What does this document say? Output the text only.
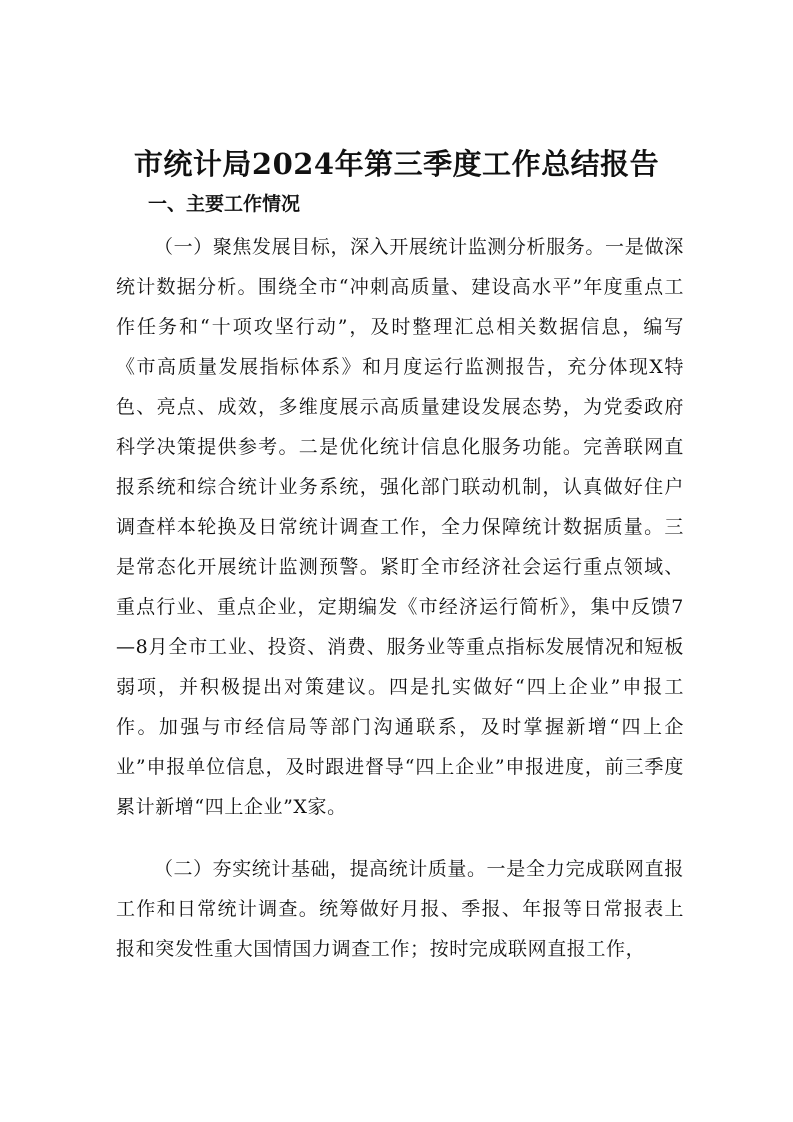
市统计局2024年第三季度工作总结报告
一、主要工作情况

（一）聚焦发展目标，深入开展统计监测分析服务。一是做深统计数据分析。围绕全市“冲刺高质量、建设高水平”年度重点工作任务和“十项攻坚行动”，及时整理汇总相关数据信息，编写《市高质量发展指标体系》和月度运行监测报告，充分体现X特色、亮点、成效，多维度展示高质量建设发展态势，为党委政府科学决策提供参考。二是优化统计信息化服务功能。完善联网直报系统和综合统计业务系统，强化部门联动机制，认真做好住户调查样本轮换及日常统计调查工作，全力保障统计数据质量。三是常态化开展统计监测预警。紧盯全市经济社会运行重点领域、重点行业、重点企业，定期编发《市经济运行简析》，集中反馈7—8月全市工业、投资、消费、服务业等重点指标发展情况和短板弱项，并积极提出对策建议。四是扎实做好“四上企业”申报工作。加强与市经信局等部门沟通联系，及时掌握新增“四上企业”申报单位信息，及时跟进督导“四上企业”申报进度，前三季度累计新增“四上企业”X家。

（二）夯实统计基础，提高统计质量。一是全力完成联网直报工作和日常统计调查。统筹做好月报、季报、年报等日常报表上报和突发性重大国情国力调查工作；按时完成联网直报工作，
